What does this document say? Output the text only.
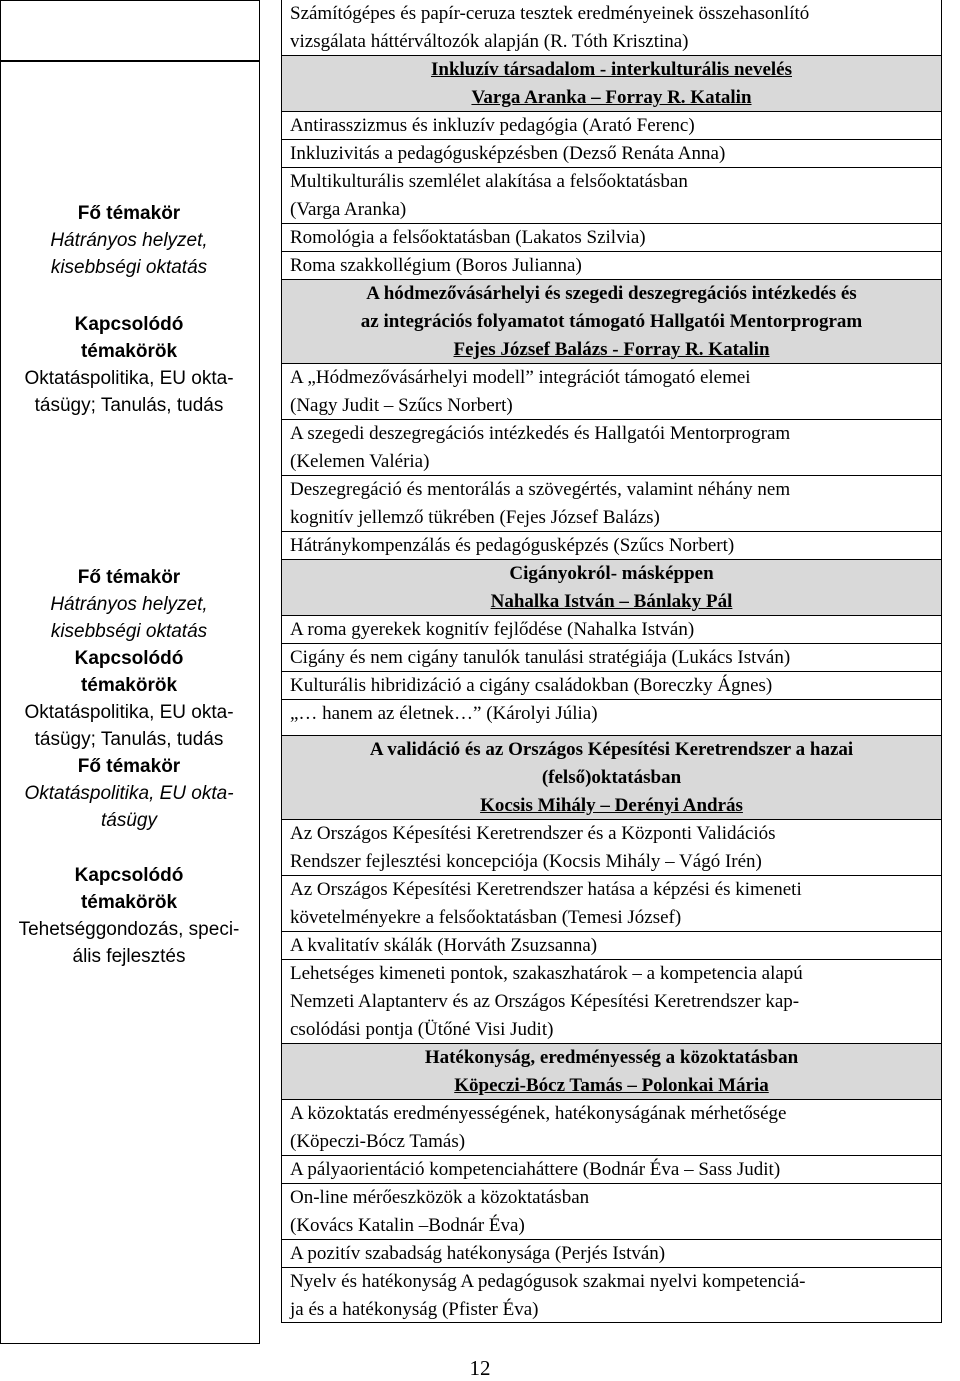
Fő témakör
Hátrányos helyzet,
kisebbségi oktatás
Kapcsolódó
témakörök
Oktatáspolitika, EU okta-
tásügy; Tanulás, tudás
Fő témakör
Hátrányos helyzet,
kisebbségi oktatás
Kapcsolódó
témakörök
Oktatáspolitika, EU okta-
tásügy; Tanulás, tudás
Fő témakör
Oktatáspolitika, EU okta-
tásügy
Kapcsolódó
témakörök
Tehetséggondozás, speci-
ális fejlesztés
Számítógépes és papír-ceruza tesztek eredményeinek összehasonlító
vizsgálata háttérváltozók alapján (R. Tóth Krisztina)
Inkluzív társadalom - interkulturális nevelés
Varga Aranka – Forray R. Katalin
Antirasszizmus és inkluzív pedagógia (Arató Ferenc)
Inkluzivitás a pedagógusképzésben (Dezső Renáta Anna)
Multikulturális szemlélet alakítása a felsőoktatásban
(Varga Aranka)
Romológia a felsőoktatásban (Lakatos Szilvia)
Roma szakkollégium (Boros Julianna)
A hódmezővásárhelyi és szegedi deszegregációs intézkedés és
az integrációs folyamatot támogató Hallgatói Mentorprogram
Fejes József Balázs - Forray R. Katalin
A „Hódmezővásárhelyi modell” integrációt támogató elemei
(Nagy Judit – Szűcs Norbert)
A szegedi deszegregációs intézkedés és Hallgatói Mentorprogram
(Kelemen Valéria)
Deszegregáció és mentorálás a szövegértés, valamint néhány nem
kognitív jellemző tükrében (Fejes József Balázs)
Hátránykompenzálás és pedagógusképzés (Szűcs Norbert)
Cigányokról- másképpen
Nahalka István – Bánlaky Pál
A roma gyerekek kognitív fejlődése (Nahalka István)
Cigány és nem cigány tanulók tanulási stratégiája (Lukács István)
Kulturális hibridizáció a cigány családokban (Boreczky Ágnes)
„… hanem az életnek…” (Károlyi Júlia)
A validáció és az Országos Képesítési Keretrendszer a hazai
(felső)oktatásban
Kocsis Mihály – Derényi András
Az Országos Képesítési Keretrendszer és a Központi Validációs
Rendszer fejlesztési koncepciója (Kocsis Mihály – Vágó Irén)
Az Országos Képesítési Keretrendszer hatása a képzési és kimeneti
követelményekre a felsőoktatásban (Temesi József)
A kvalitatív skálák (Horváth Zsuzsanna)
Lehetséges kimeneti pontok, szakaszhatárok – a kompetencia alapú
Nemzeti Alaptanterv és az Országos Képesítési Keretrendszer kap-
csolódási pontja (Ütőné Visi Judit)
Hatékonyság, eredményesség a közoktatásban
Köpeczi-Bócz Tamás – Polonkai Mária
A közoktatás eredményességének, hatékonyságának mérhetősége
(Köpeczi-Bócz Tamás)
A pályaorientáció kompetenciaháttere (Bodnár Éva – Sass Judit)
On-line mérőeszközök a közoktatásban
(Kovács Katalin –Bodnár Éva)
A pozitív szabadság hatékonysága (Perjés István)
Nyelv és hatékonyság A pedagógusok szakmai nyelvi kompetenciá-
ja és a hatékonyság (Pfister Éva)
12
